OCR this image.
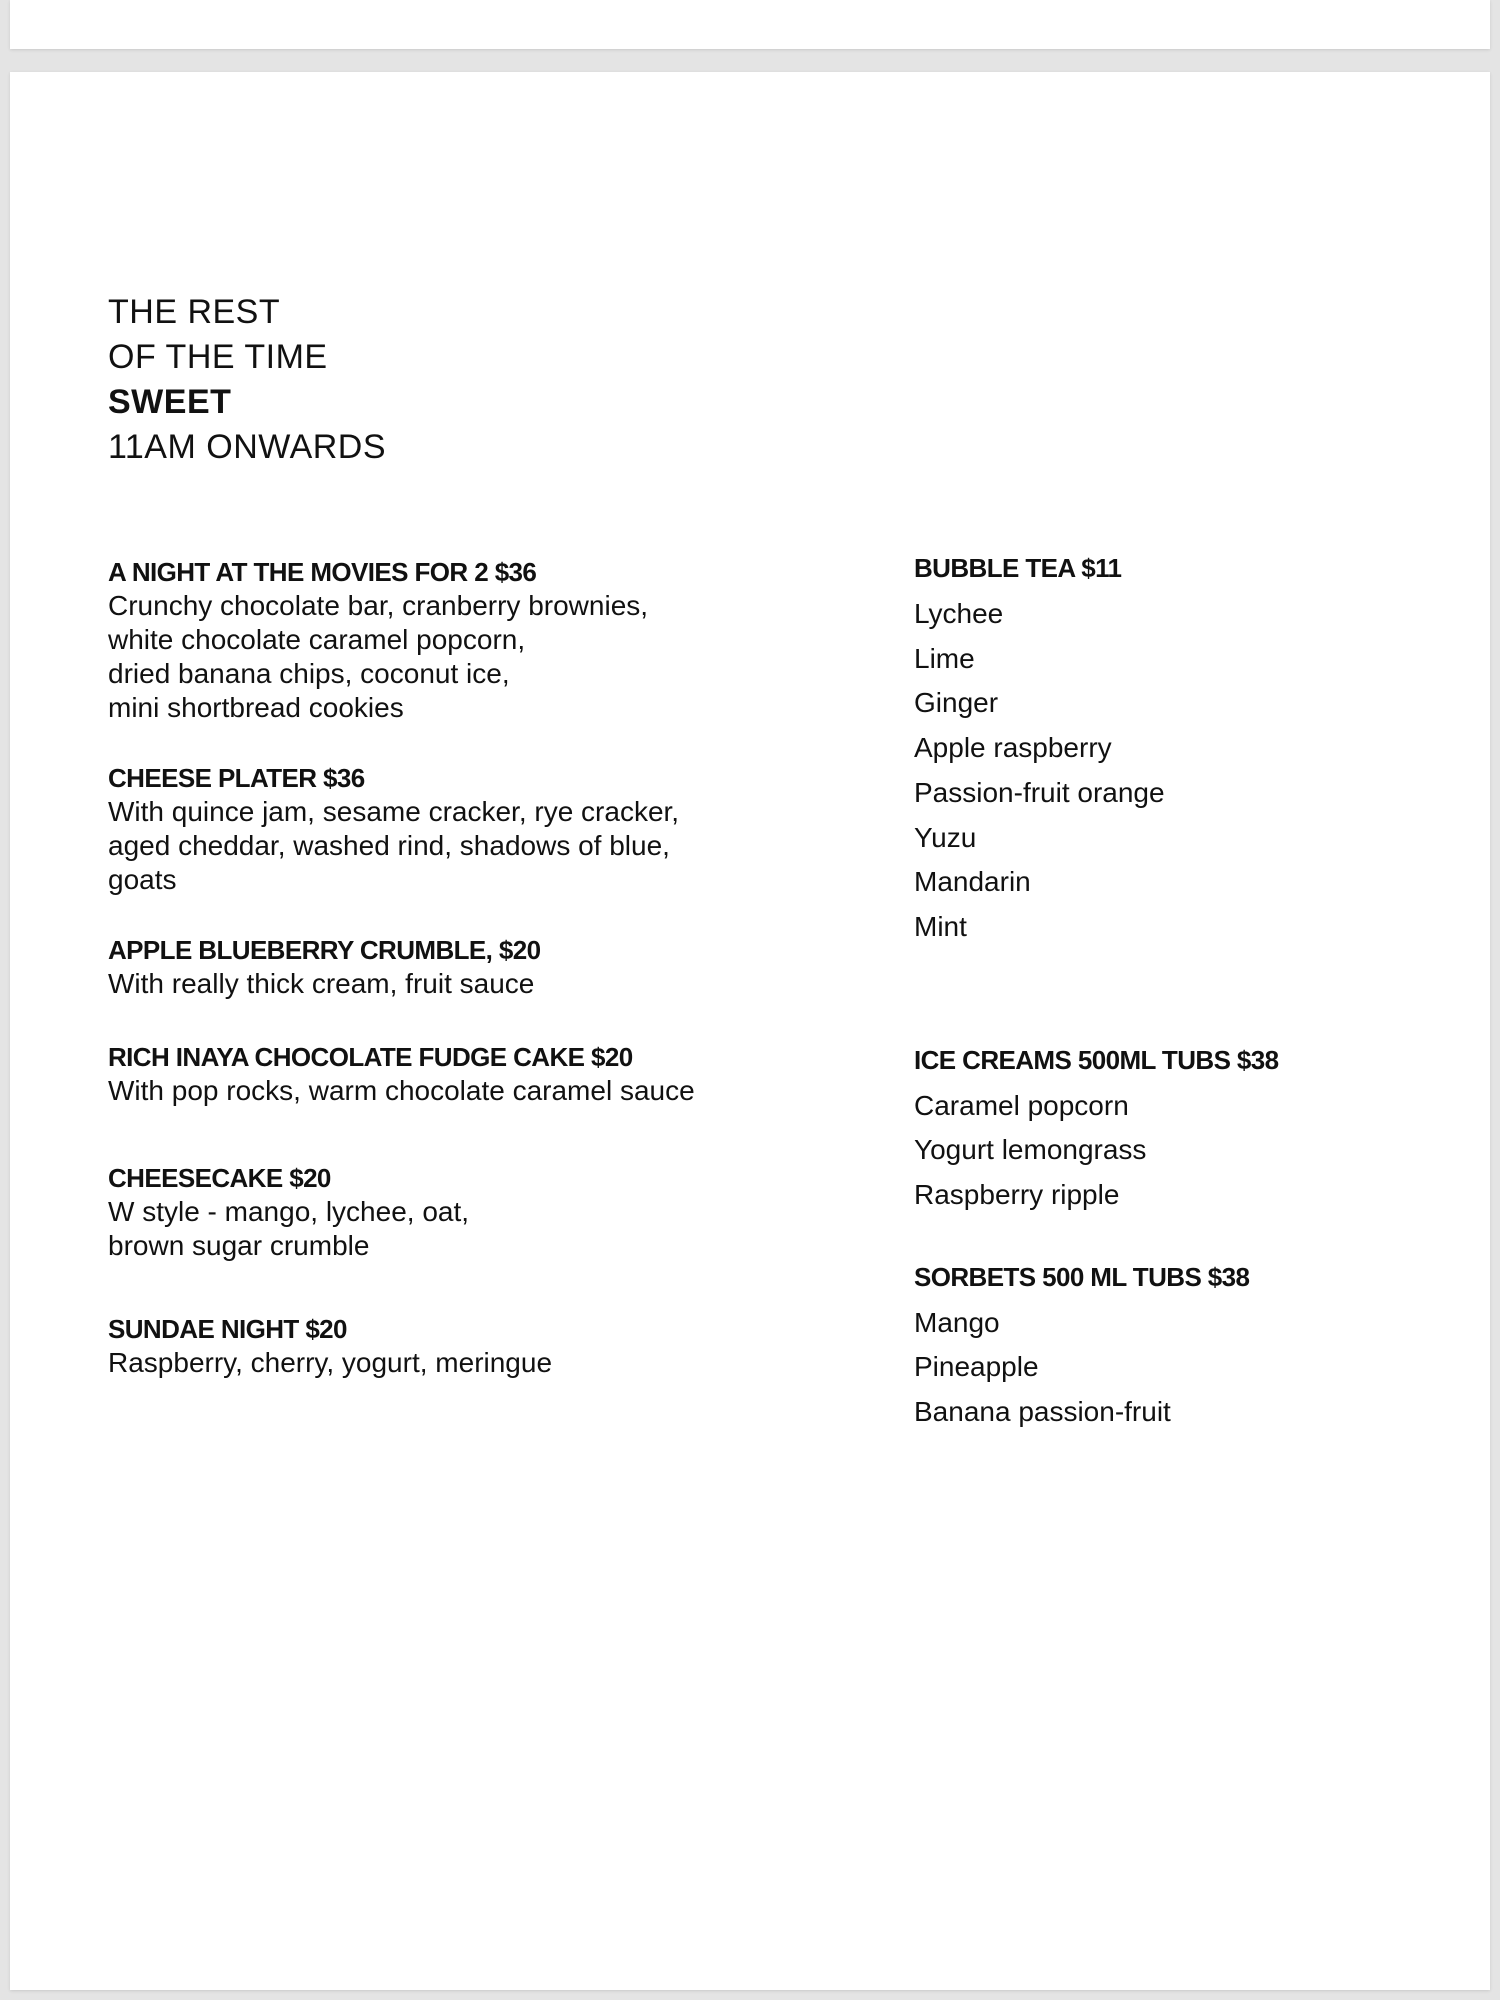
THE REST
OF THE TIME
SWEET
11AM ONWARDS
A NIGHT AT THE MOVIES FOR 2 $36
Crunchy chocolate bar, cranberry brownies,
white chocolate caramel popcorn,
dried banana chips, coconut ice,
mini shortbread cookies
CHEESE PLATER $36
With quince jam, sesame cracker, rye cracker,
aged cheddar, washed rind, shadows of blue,
goats
APPLE BLUEBERRY CRUMBLE, $20
With really thick cream, fruit sauce
RICH INAYA CHOCOLATE FUDGE CAKE $20
With pop rocks, warm chocolate caramel sauce
CHEESECAKE $20
W style - mango, lychee, oat,
brown sugar crumble
SUNDAE NIGHT $20
Raspberry, cherry, yogurt, meringue
BUBBLE TEA $11
Lychee
Lime
Ginger
Apple raspberry
Passion-fruit orange
Yuzu
Mandarin
Mint
ICE CREAMS 500ML TUBS $38
Caramel popcorn
Yogurt lemongrass
Raspberry ripple
SORBETS 500 ML TUBS $38
Mango
Pineapple
Banana passion-fruit
